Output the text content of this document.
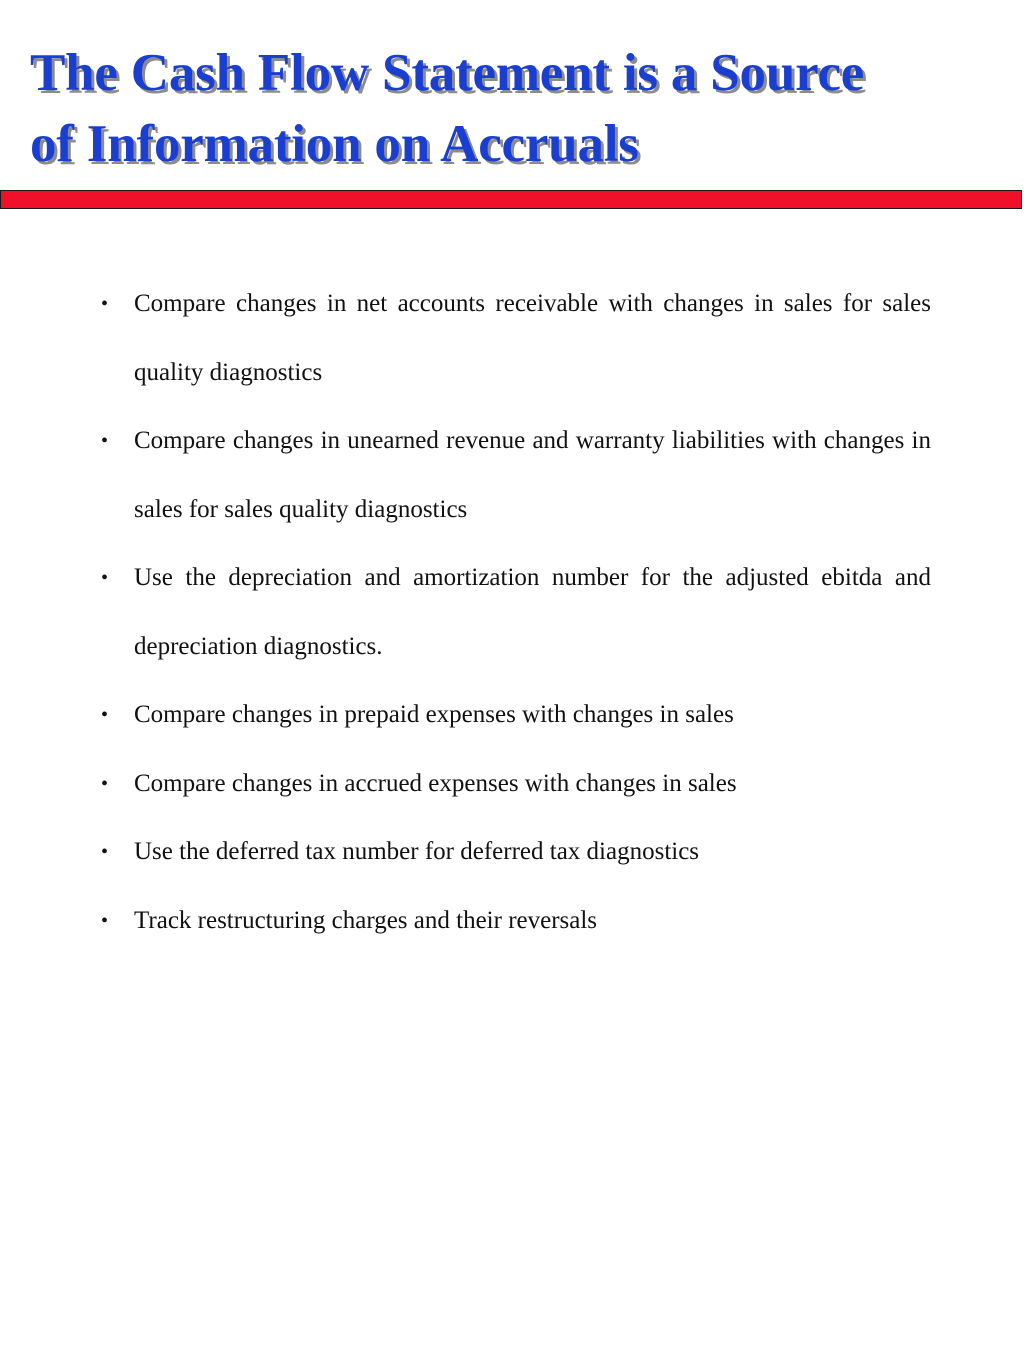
The Cash Flow Statement is a Source
of Information on Accruals
• Compare changes in net accounts receivable with changes in sales for sales quality diagnostics
• Compare changes in unearned revenue and warranty liabilities with changes in sales for sales quality diagnostics
• Use the depreciation and amortization number for the adjusted ebitda and depreciation diagnostics.
• Compare changes in prepaid expenses with changes in sales
• Compare changes in accrued expenses with changes in sales
• Use the deferred tax number for deferred tax diagnostics
• Track restructuring charges and their reversals
